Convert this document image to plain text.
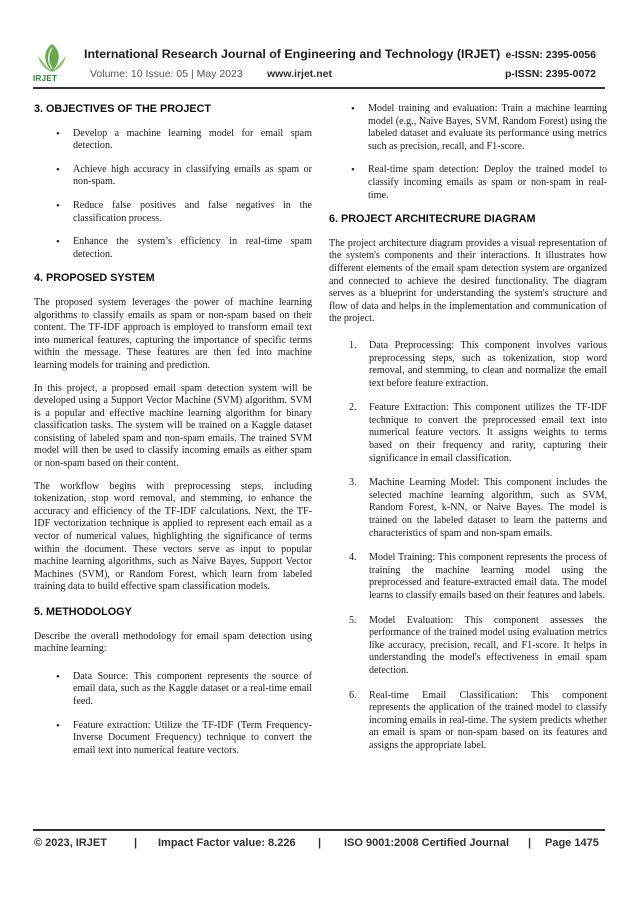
IRJET
International Research Journal of Engineering and Technology (IRJET) e-ISSN: 2395-0056
Volume: 10 Issue: 05 | May 2023 www.irjet.net	p-ISSN: 2395-0072
3. OBJECTIVES OF THE PROJECT
• Develop a machine learning model for email spam detection.
• Achieve high accuracy in classifying emails as spam or non-spam.
• Reduce false positives and false negatives in the classification process.
• Enhance the system’s efficiency in real-time spam detection.
4. PROPOSED SYSTEM

The proposed system leverages the power of machine learning algorithms to classify emails as spam or non-spam based on their content. The TF-IDF approach is employed to transform email text into numerical features, capturing the importance of specific terms within the message. These features are then fed into machine learning models for training and prediction.

In this project, a proposed email spam detection system will be developed using a Support Vector Machine (SVM) algorithm. SVM is a popular and effective machine learning algorithm for binary classification tasks. The system will be trained on a Kaggle dataset consisting of labeled spam and non-spam emails. The trained SVM model will then be used to classify incoming emails as either spam or non-spam based on their content.

The workflow begins with preprocessing steps, including tokenization, stop word removal, and stemming, to enhance the accuracy and efficiency of the TF-IDF calculations. Next, the TF-IDF vectorization technique is applied to represent each email as a vector of numerical values, highlighting the significance of terms within the document. These vectors serve as input to popular machine learning algorithms, such as Naive Bayes, Support Vector Machines (SVM), or Random Forest, which learn from labeled training data to build effective spam classification models.

5. METHODOLOGY

Describe the overall methodology for email spam detection using machine learning:

• Data Source: This component represents the source of email data, such as the Kaggle dataset or a real-time email feed.
• Feature extraction: Utilize the TF-IDF (Term Frequency-Inverse Document Frequency) technique to convert the email text into numerical feature vectors.
• Model training and evaluation: Train a machine learning model (e.g., Naive Bayes, SVM, Random Forest) using the labeled dataset and evaluate its performance using metrics such as precision, recall, and F1-score.
• Real-time spam detection: Deploy the trained model to classify incoming emails as spam or non-spam in real-time.
6. PROJECT ARCHITECRURE DIAGRAM

The project architecture diagram provides a visual representation of the system's components and their interactions. It illustrates how different elements of the email spam detection system are organized and connected to achieve the desired functionality. The diagram serves as a blueprint for understanding the system's structure and flow of data and helps in the implementation and communication of the project.

1. Data Preprocessing: This component involves various preprocessing steps, such as tokenization, stop word removal, and stemming, to clean and normalize the email text before feature extraction.
2. Feature Extraction: This component utilizes the TF-IDF technique to convert the preprocessed email text into numerical feature vectors. It assigns weights to terms based on their frequency and rarity, capturing their significance in email classification.
3. Machine Learning Model: This component includes the selected machine learning algorithm, such as SVM, Random Forest, k-NN, or Naive Bayes. The model is trained on the labeled dataset to learn the patterns and characteristics of spam and non-spam emails.
4. Model Training: This component represents the process of training the machine learning model using the preprocessed and feature-extracted email data. The model learns to classify emails based on their features and labels.
5. Model Evaluation: This component assesses the performance of the trained model using evaluation metrics like accuracy, precision, recall, and F1-score. It helps in understanding the model's effectiveness in email spam detection.
6. Real-time Email Classification: This component represents the application of the trained model to classify incoming emails in real-time. The system predicts whether an email is spam or non-spam based on its features and assigns the appropriate label.
© 2023, IRJET | Impact Factor value: 8.226 | ISO 9001:2008 Certified Journal | Page 1475
